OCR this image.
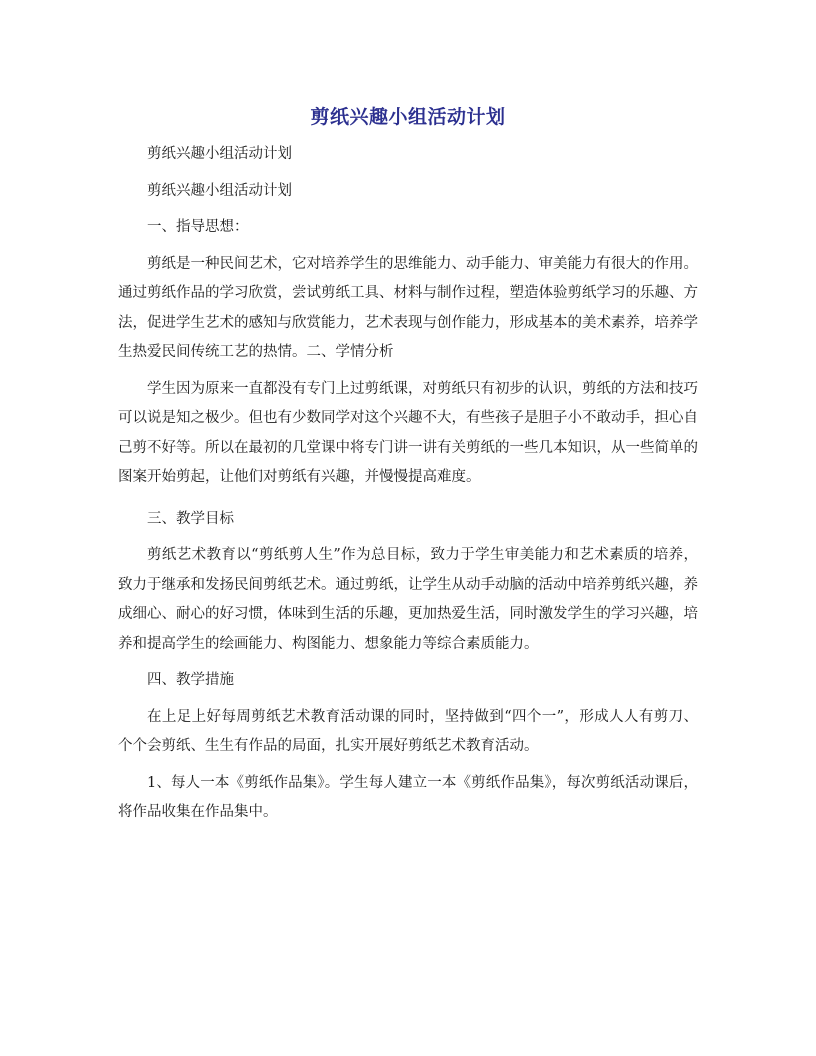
剪纸兴趣小组活动计划

剪纸兴趣小组活动计划

剪纸兴趣小组活动计划

一、指导思想：

剪纸是一种民间艺术，它对培养学生的思维能力、动手能力、审美能力有很大的作用。通过剪纸作品的学习欣赏，尝试剪纸工具、材料与制作过程，塑造体验剪纸学习的乐趣、方法，促进学生艺术的感知与欣赏能力，艺术表现与创作能力，形成基本的美术素养，培养学生热爱民间传统工艺的热情。二、学情分析

学生因为原来一直都没有专门上过剪纸课，对剪纸只有初步的认识，剪纸的方法和技巧可以说是知之极少。但也有少数同学对这个兴趣不大，有些孩子是胆子小不敢动手，担心自己剪不好等。所以在最初的几堂课中将专门讲一讲有关剪纸的一些几本知识，从一些简单的图案开始剪起，让他们对剪纸有兴趣，并慢慢提高难度。

三、教学目标

剪纸艺术教育以“剪纸剪人生”作为总目标，致力于学生审美能力和艺术素质的培养，致力于继承和发扬民间剪纸艺术。通过剪纸，让学生从动手动脑的活动中培养剪纸兴趣，养成细心、耐心的好习惯，体味到生活的乐趣，更加热爱生活，同时激发学生的学习兴趣，培养和提高学生的绘画能力、构图能力、想象能力等综合素质能力。

四、教学措施

在上足上好每周剪纸艺术教育活动课的同时，坚持做到“四个一”，形成人人有剪刀、个个会剪纸、生生有作品的局面，扎实开展好剪纸艺术教育活动。

1、每人一本《剪纸作品集》。学生每人建立一本《剪纸作品集》，每次剪纸活动课后，将作品收集在作品集中。
